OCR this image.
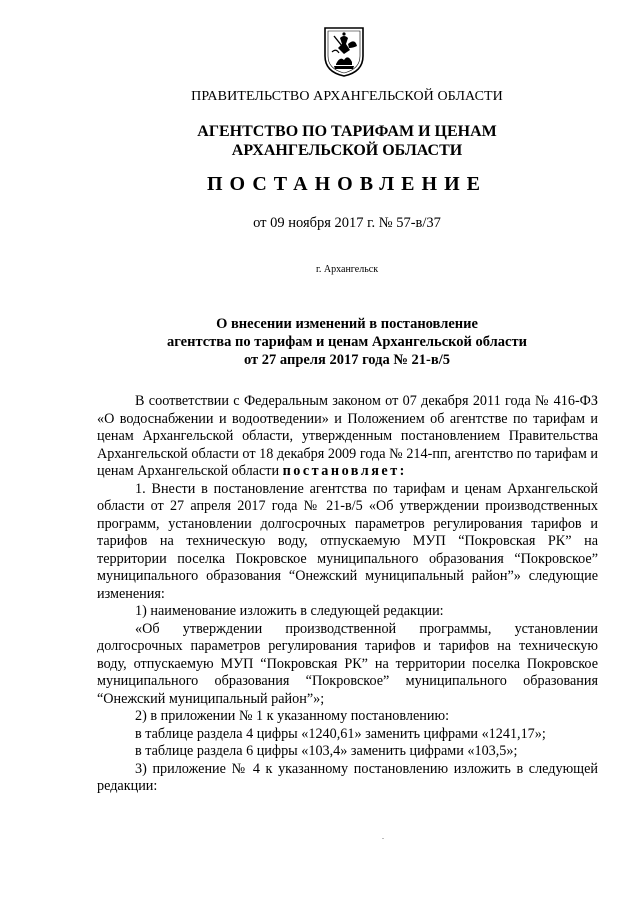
ПРАВИТЕЛЬСТВО АРХАНГЕЛЬСКОЙ ОБЛАСТИ
АГЕНТСТВО ПО ТАРИФАМ И ЦЕНАМ
АРХАНГЕЛЬСКОЙ ОБЛАСТИ
ПОСТАНОВЛЕНИЕ
от 09 ноября 2017 г. № 57-в/37
г. Архангельск
О внесении изменений в постановление
агентства по тарифам и ценам Архангельской области
от 27 апреля 2017 года № 21-в/5

В соответствии с Федеральным законом от 07 декабря 2011 года № 416-ФЗ «О водоснабжении и водоотведении» и Положением об агентстве по тарифам и ценам Архангельской области, утвержденным постановлением Правительства Архангельской области от 18 декабря 2009 года № 214-пп, агентство по тарифам и ценам Архангельской области постановляет:

1. Внести в постановление агентства по тарифам и ценам Архангельской области от 27 апреля 2017 года № 21-в/5 «Об утверждении производственных программ, установлении долгосрочных параметров регулирования тарифов и тарифов на техническую воду, отпускаемую МУП “Покровская РК” на территории поселка Покровское муниципального образования “Покровское” муниципального образования “Онежский муниципальный район”» следующие изменения:

1) наименование изложить в следующей редакции:

«Об утверждении производственной программы, установлении долгосрочных параметров регулирования тарифов и тарифов на техническую воду, отпускаемую МУП “Покровская РК” на территории поселка Покровское муниципального образования “Покровское” муниципального образования “Онежский муниципальный район”»;

2) в приложении № 1 к указанному постановлению:

в таблице раздела 4 цифры «1240,61» заменить цифрами «1241,17»;

в таблице раздела 6 цифры «103,4» заменить цифрами «103,5»;

3) приложение № 4 к указанному постановлению изложить в следующей редакции:
